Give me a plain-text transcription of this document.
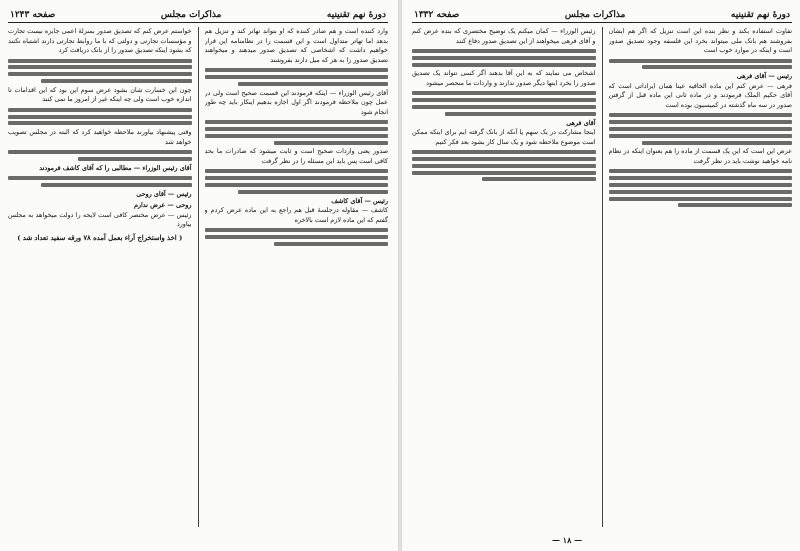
دورهٔ نهم تقنینیه
مذاکرات مجلس
صفحه ۱۲۴۳

وارد کننده است و هم صادر کننده که او بتواند تهاتر کند و تنزیل هم بدهد اما تهاتر متداول است و این قسمت را در نظامنامه این قرار خواهیم داشت که اشخاصی که تصدیق صدور میدهند و میخواهند تصدیق صدور را به هر که میل دارند بفروشند

آقای رئیس الوزراء — اینکه فرمودند این قسمت صحیح است ولی در عمل چون ملاحظه فرمودند اگر اول اجازه بدهیم اینکار باید چه طور انجام شود

صدور یعنی واردات صحیح است و ثابت میشود که صادرات ما بحد کافی است پس باید این مسئله را در نظر گرفت

رئیس — آقای کاشف

کاشف — مقاوله درجلسهٔ قبل هم راجع به این ماده عرض کردم و گفتم که این ماده لازم است بالاخره

خواستم عرض کنم که تصدیق صدور بمنزلهٔ اعمی جایزه نیست تجارت و مؤسسات تجارتی و دولتی که با ما روابط تجارتی دارند اشتباه نکنند که بشود اینکه تصدیق صدور را از بانک دریافت کرد

چون این خسارت شان بشود عرض سوم این بود که این اقدامات تا اندازه خوب است ولی چه اینکه غیر از امروز ما نمی کنند

وقتی پیشنهاد بیاورند ملاحظه خواهید کرد که البته در مجلس تصویب خواهد شد

آقای رئیس الوزراء — مطالبی را که آقای کاشف فرمودند
رئیس — آقای روحی
روحی — عرض ندارم

رئیس — عرض مختصر کافی است لایحه را دولت میخواهد به مجلس بیاورد

( اخذ واستخراج آراء بعمل آمده ۷۸ ورقه سفید تعداد شد )
دورهٔ نهم تقنینیه
مذاکرات مجلس
صفحه ۱۳۳۲

تفاوت استفاده بکند و نظر بنده این است تنزیل که اگر هم ایشان بفروشند هم بانک ملی میتواند بخرد این فلسفه وجود تصدیق صدور است و اینکه در موارد خوب است

رئیس — آقای فرهی

فرهی — عرض کنم این ماده الحاقیه عینا همان ایراداتی است که آقای حکیم الملک فرمودند و در ماده ثانی این ماده قبل از گرفتن صدور در سه ماه گذشته در کمیسیون بوده است

عرض این است که این یک قسمت از ماده را هم بعنوان اینکه در نظام نامه خواهید نوشت باید در نظر گرفت

رئیس الوزراء — کمان میکنم یک توضیح مختصری که بنده عرض کنم و آقای فرهی میخواهند از این تصدیق صدور دفاع کنند

اشخاص می نمایند که به این آقا بدهند اگر کسی نتواند یک تصدیق صدور را بخرد اینها دیگر صدور ندارند و واردات ما منحصر میشود

آقای فرهی

اینجا مشارکت در یک سهم یا آنکه از بانک گرفته ایم برای اینکه ممکن است موضوع ملاحظه شود و یک سال کار بشود بعد فکر کنیم

— ۱۸ —
